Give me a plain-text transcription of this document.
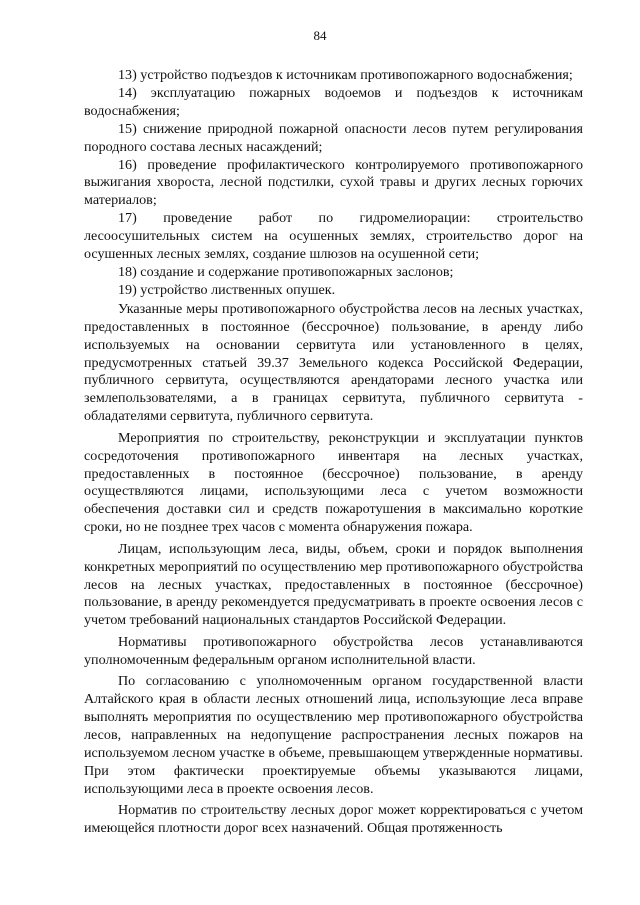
84

13) устройство подъездов к источникам противопожарного водоснабжения;

14) эксплуатацию пожарных водоемов и подъездов к источникам водоснабжения;

15) снижение природной пожарной опасности лесов путем регулирования породного состава лесных насаждений;

16) проведение профилактического контролируемого противопожарного выжигания хвороста, лесной подстилки, сухой травы и других лесных горючих материалов;

17) проведение работ по гидромелиорации: строительство лесоосушительных систем на осушенных землях, строительство дорог на осушенных лесных землях, создание шлюзов на осушенной сети;

18) создание и содержание противопожарных заслонов;

19) устройство лиственных опушек.

Указанные меры противопожарного обустройства лесов на лесных участках, предоставленных в постоянное (бессрочное) пользование, в аренду либо используемых на основании сервитута или установленного в целях, предусмотренных статьей 39.37 Земельного кодекса Российской Федерации, публичного сервитута, осуществляются арендаторами лесного участка или землепользователями, а в границах сервитута, публичного сервитута - обладателями сервитута, публичного сервитута.

Мероприятия по строительству, реконструкции и эксплуатации пунктов сосредоточения противопожарного инвентаря на лесных участках, предоставленных в постоянное (бессрочное) пользование, в аренду осуществляются лицами, использующими леса с учетом возможности обеспечения доставки сил и средств пожаротушения в максимально короткие сроки, но не позднее трех часов с момента обнаружения пожара.

Лицам, использующим леса, виды, объем, сроки и порядок выполнения конкретных мероприятий по осуществлению мер противопожарного обустройства лесов на лесных участках, предоставленных в постоянное (бессрочное) пользование, в аренду рекомендуется предусматривать в проекте освоения лесов с учетом требований национальных стандартов Российской Федерации.

Нормативы противопожарного обустройства лесов устанавливаются уполномоченным федеральным органом исполнительной власти.

По согласованию с уполномоченным органом государственной власти Алтайского края в области лесных отношений лица, использующие леса вправе выполнять мероприятия по осуществлению мер противопожарного обустройства лесов, направленных на недопущение распространения лесных пожаров на используемом лесном участке в объеме, превышающем утвержденные нормативы. При этом фактически проектируемые объемы указываются лицами, использующими леса в проекте освоения лесов.

Норматив по строительству лесных дорог может корректироваться с учетом имеющейся плотности дорог всех назначений. Общая протяженность
